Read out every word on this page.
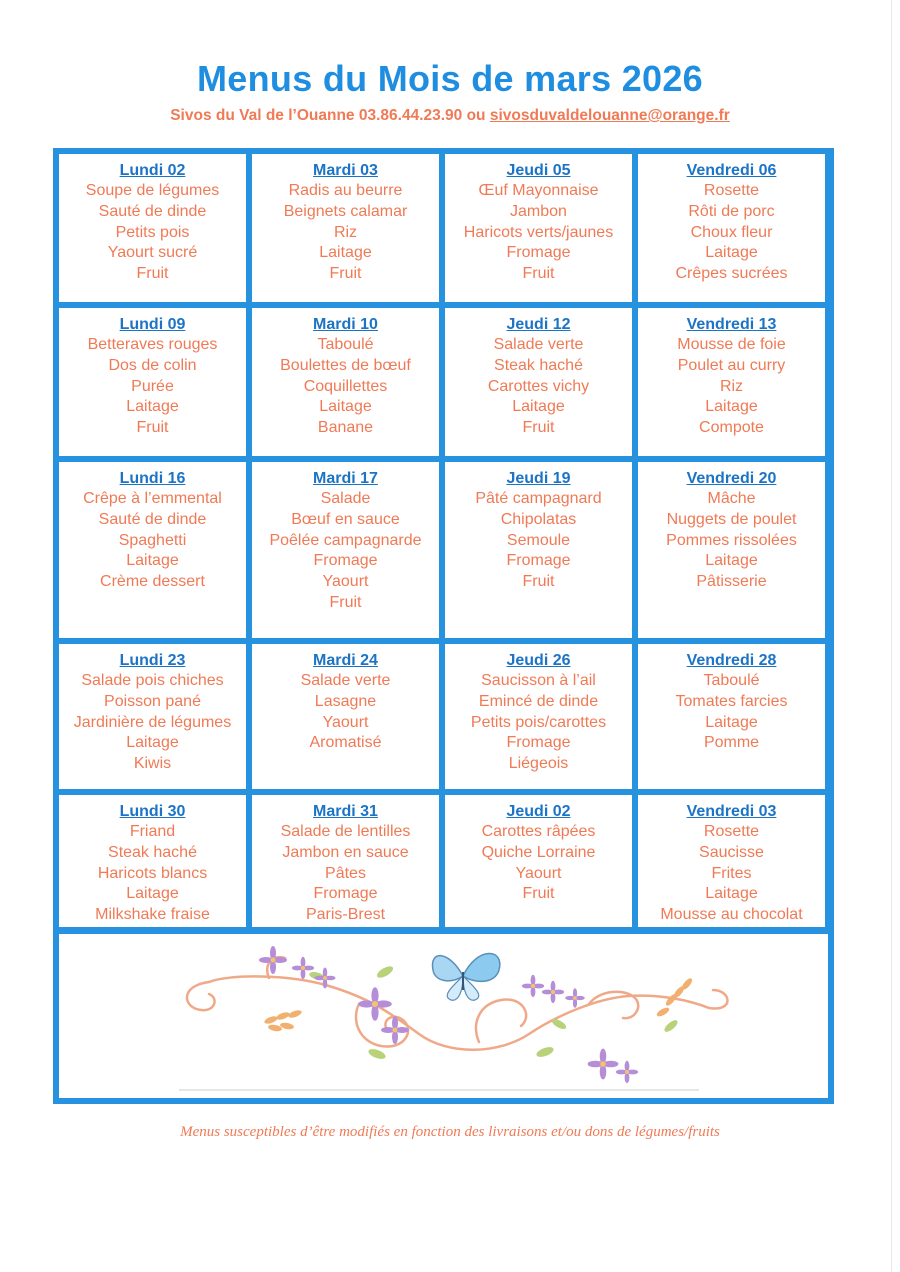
Menus du Mois de mars 2026
Sivos du Val de l’Ouanne 03.86.44.23.90 ou sivosduvaldelouanne@orange.fr
Lundi 02
Soupe de légumes
Sauté de dinde
Petits pois
Yaourt sucré
Fruit
Mardi 03
Radis au beurre
Beignets calamar
Riz
Laitage
Fruit
Jeudi 05
Œuf Mayonnaise
Jambon
Haricots verts/jaunes
Fromage
Fruit
Vendredi 06
Rosette
Rôti de porc
Choux fleur
Laitage
Crêpes sucrées
Lundi 09
Betteraves rouges
Dos de colin
Purée
Laitage
Fruit
Mardi 10
Taboulé
Boulettes de bœuf
Coquillettes
Laitage
Banane
Jeudi 12
Salade verte
Steak haché
Carottes vichy
Laitage
Fruit
Vendredi 13
Mousse de foie
Poulet au curry
Riz
Laitage
Compote
Lundi 16
Crêpe à l’emmental
Sauté de dinde
Spaghetti
Laitage
Crème dessert
Mardi 17
Salade
Bœuf en sauce
Poêlée campagnarde
Fromage
Yaourt
Fruit
Jeudi 19
Pâté campagnard
Chipolatas
Semoule
Fromage
Fruit
Vendredi 20
Mâche
Nuggets de poulet
Pommes rissolées
Laitage
Pâtisserie
Lundi 23
Salade pois chiches
Poisson pané
Jardinière de légumes
Laitage
Kiwis
Mardi 24
Salade verte
Lasagne
Yaourt
Aromatisé
Jeudi 26
Saucisson à l’ail
Emincé de dinde
Petits pois/carottes
Fromage
Liégeois
Vendredi 28
Taboulé
Tomates farcies
Laitage
Pomme
Lundi 30
Friand
Steak haché
Haricots blancs
Laitage
Milkshake fraise
Mardi 31
Salade de lentilles
Jambon en sauce
Pâtes
Fromage
Paris-Brest
Jeudi 02
Carottes râpées
Quiche Lorraine
Yaourt
Fruit
Vendredi 03
Rosette
Saucisse
Frites
Laitage
Mousse au chocolat
Menus susceptibles d’être modifiés en fonction des livraisons et/ou dons de légumes/fruits
